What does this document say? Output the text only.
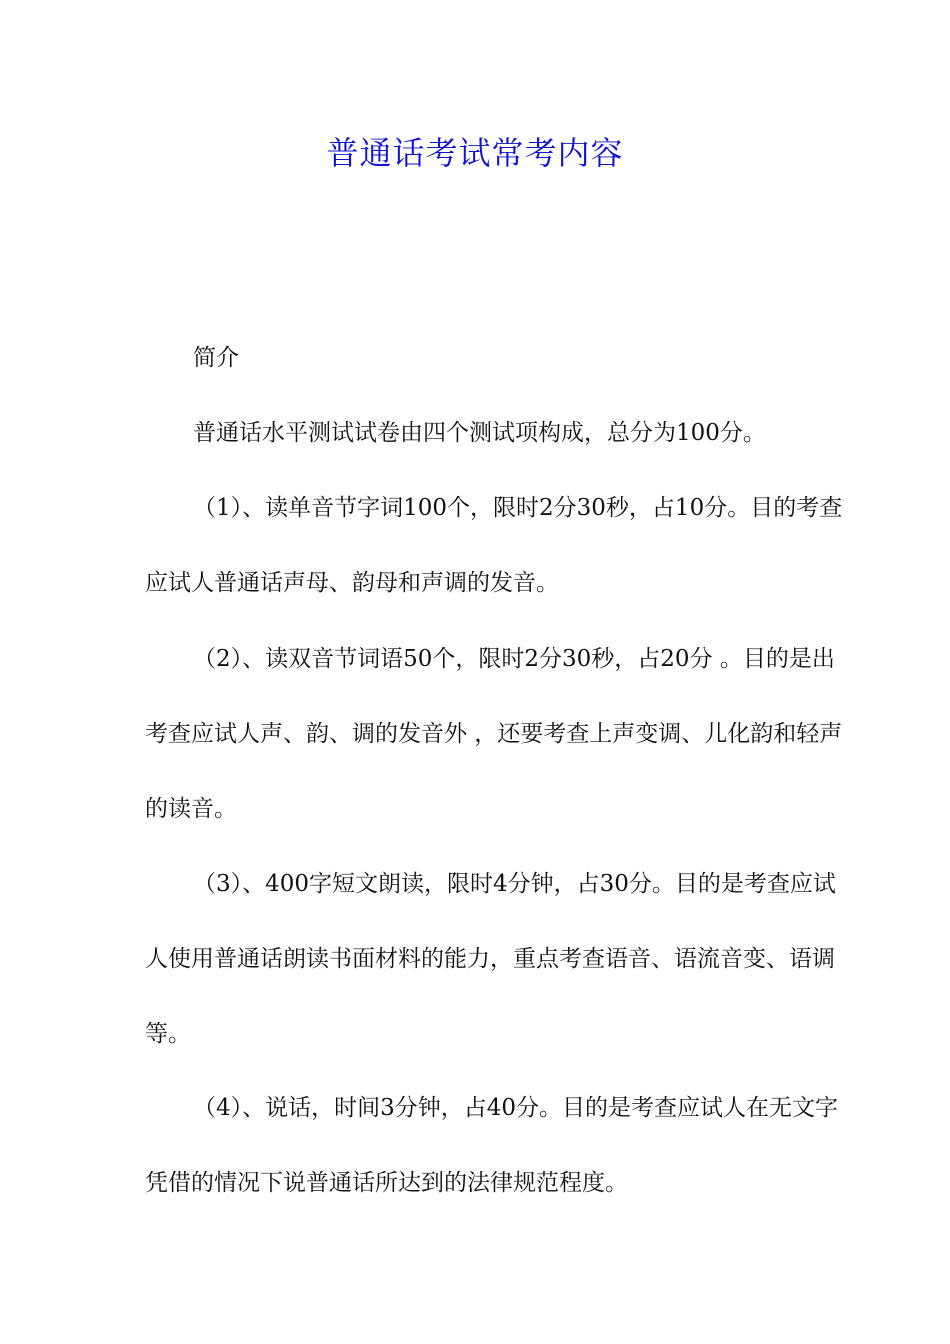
普通话考试常考内容

简介

普通话水平测试试卷由四个测试项构成，总分为100分。

（1）、读单音节字词100个，限时2分30秒，占10分。目的考查应试人普通话声母、韵母和声调的发音。

（2）、读双音节词语50个，限时2分30秒，占20分 。目的是出考查应试人声、韵、调的发音外 ，还要考查上声变调、儿化韵和轻声的读音。

（3）、400字短文朗读，限时4分钟，占30分。目的是考查应试人使用普通话朗读书面材料的能力，重点考查语音、语流音变、语调等。

（4）、说话，时间3分钟，占40分。目的是考查应试人在无文字凭借的情况下说普通话所达到的法律规范程度。
